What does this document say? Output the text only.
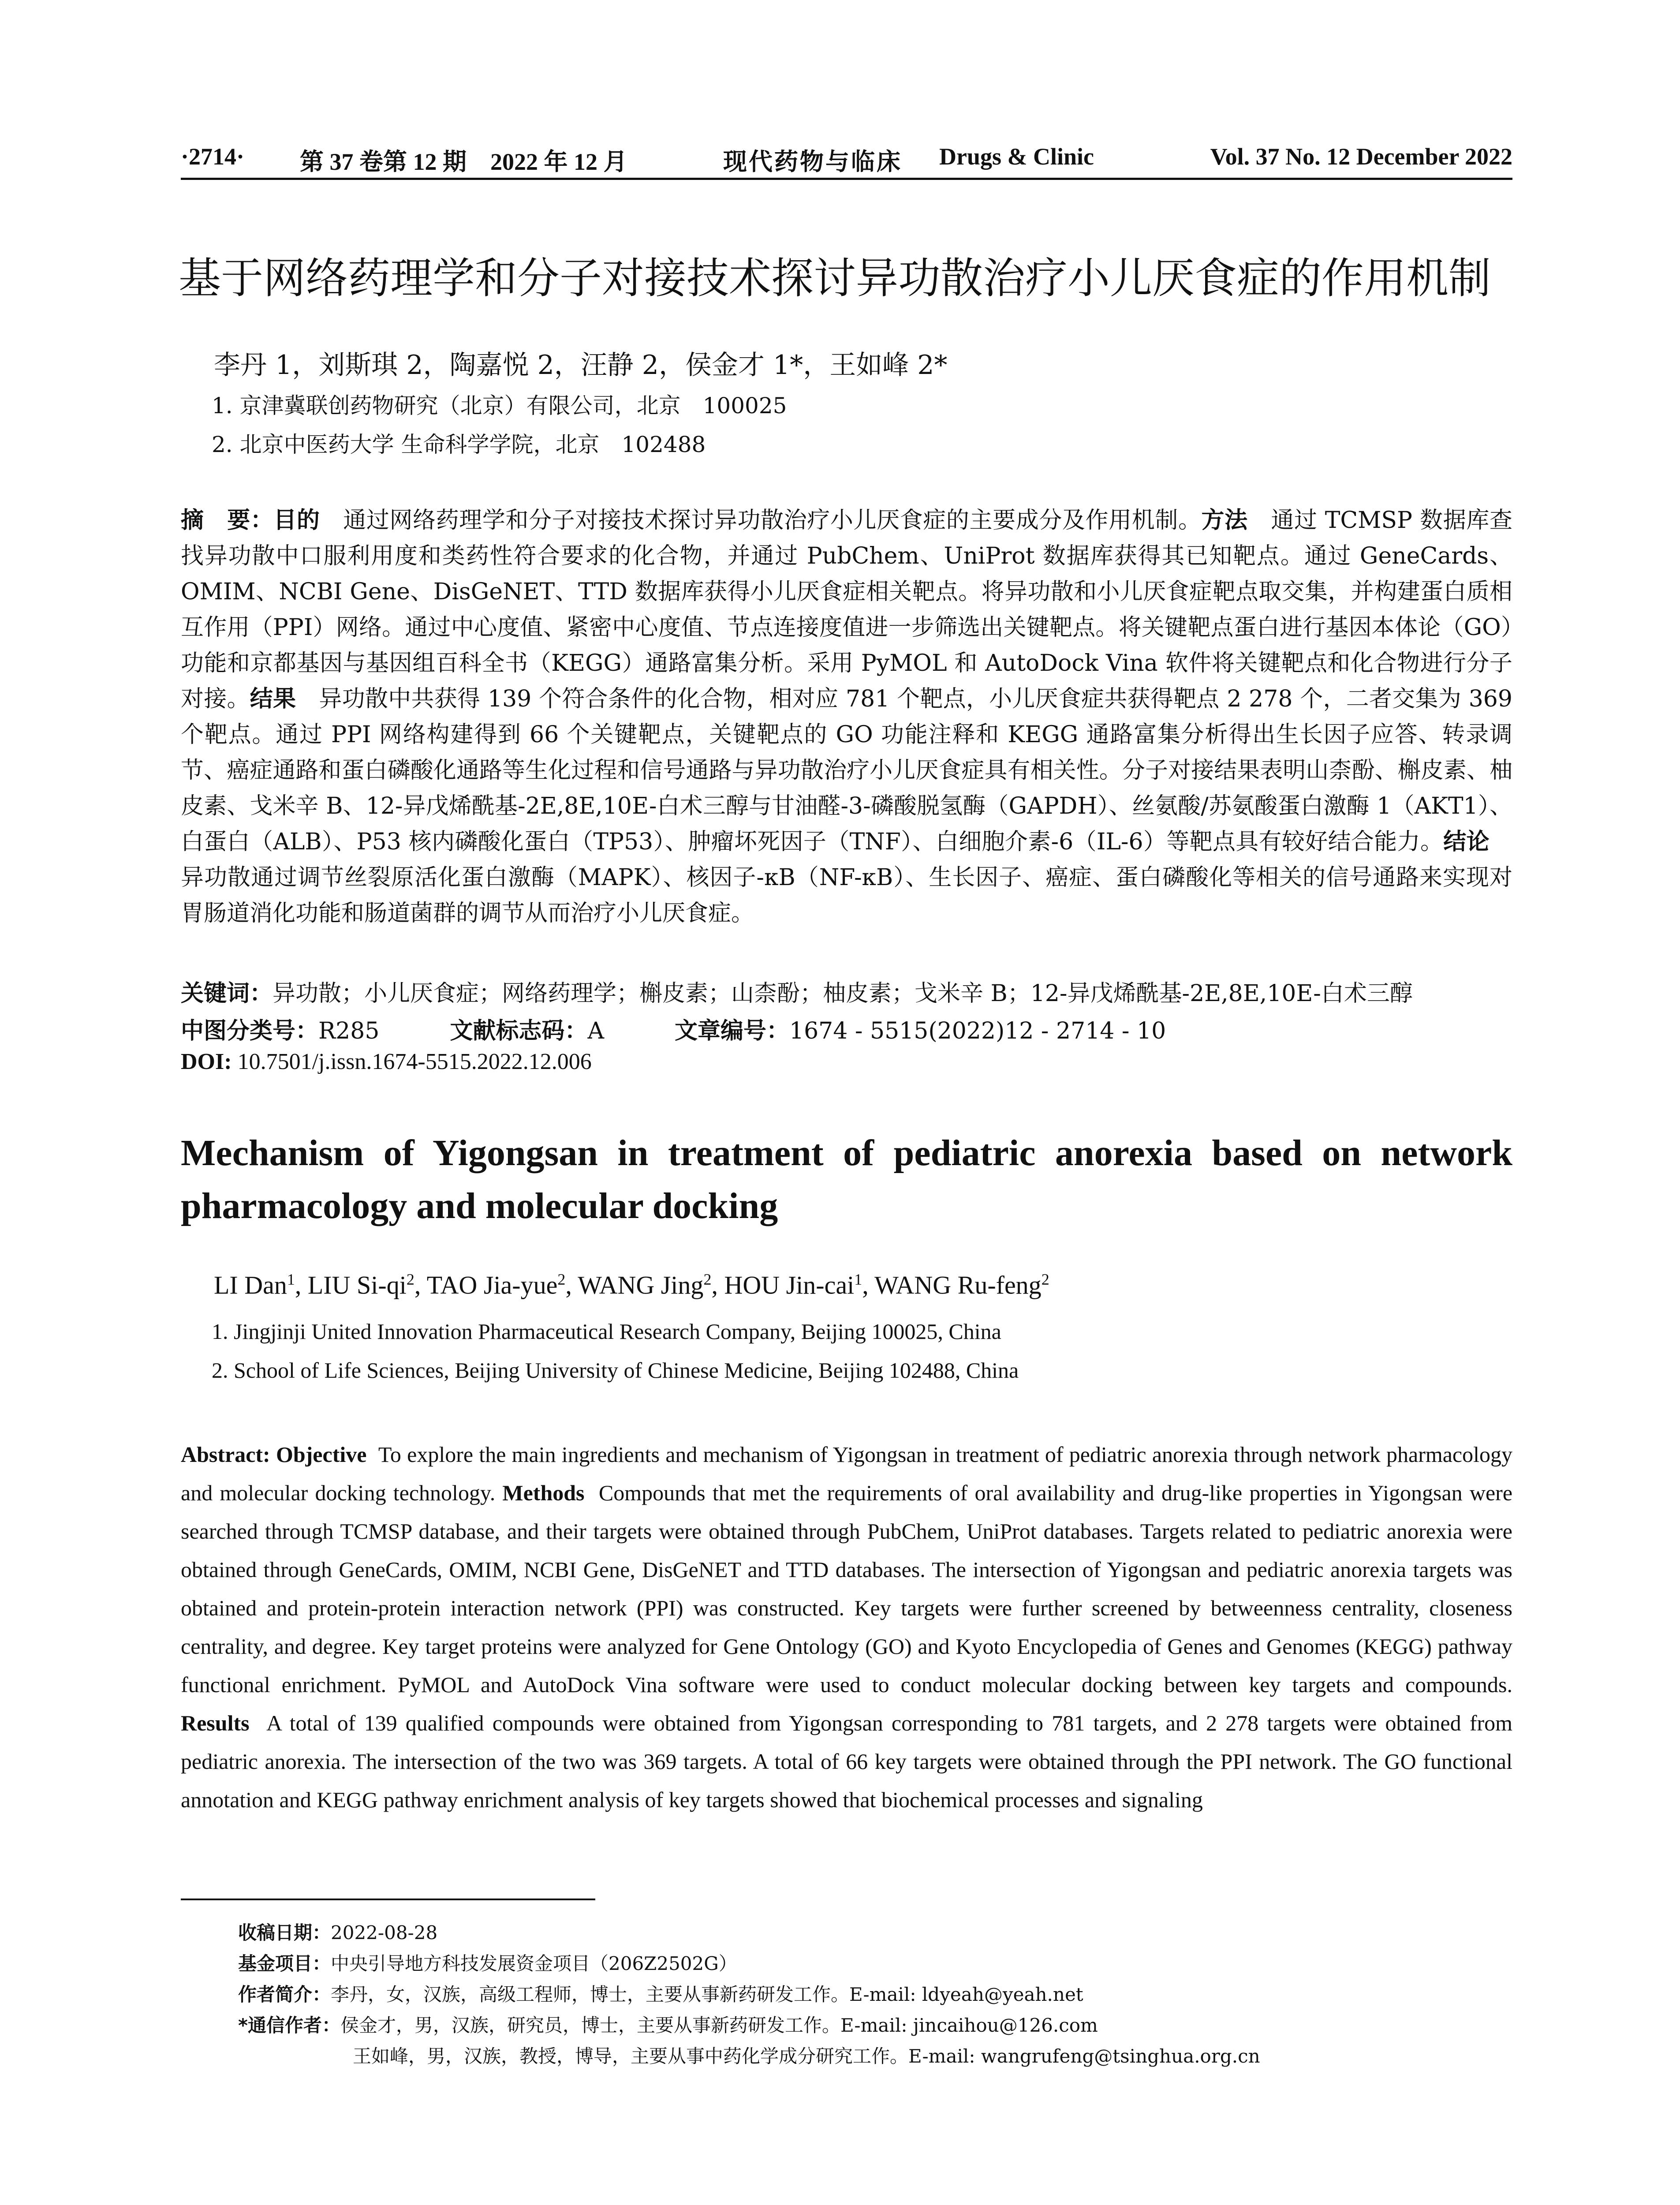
·2714· 第 37 卷第 12 期　2022 年 12 月	现代药物与临床 Drugs & Clinic	Vol. 37 No. 12 December 2022
基于网络药理学和分子对接技术探讨异功散治疗小儿厌食症的作用机制
李丹 1，刘斯琪 2，陶嘉悦 2，汪静 2，侯金才 1*，王如峰 2*
1. 京津冀联创药物研究（北京）有限公司，北京　100025
2. 北京中医药大学 生命科学学院，北京　102488

摘　要：目的　通过网络药理学和分子对接技术探讨异功散治疗小儿厌食症的主要成分及作用机制。方法　通过 TCMSP 数据库查找异功散中口服利用度和类药性符合要求的化合物，并通过 PubChem、UniProt 数据库获得其已知靶点。通过 GeneCards、OMIM、NCBI Gene、DisGeNET、TTD 数据库获得小儿厌食症相关靶点。将异功散和小儿厌食症靶点取交集，并构建蛋白质相互作用（PPI）网络。通过中心度值、紧密中心度值、节点连接度值进一步筛选出关键靶点。将关键靶点蛋白进行基因本体论（GO）功能和京都基因与基因组百科全书（KEGG）通路富集分析。采用 PyMOL 和 AutoDock Vina 软件将关键靶点和化合物进行分子对接。结果　异功散中共获得 139 个符合条件的化合物，相对应 781 个靶点，小儿厌食症共获得靶点 2 278 个，二者交集为 369 个靶点。通过 PPI 网络构建得到 66 个关键靶点，关键靶点的 GO 功能注释和 KEGG 通路富集分析得出生长因子应答、转录调节、癌症通路和蛋白磷酸化通路等生化过程和信号通路与异功散治疗小儿厌食症具有相关性。分子对接结果表明山柰酚、槲皮素、柚皮素、戈米辛 B、12-异戊烯酰基-2E,8E,10E-白术三醇与甘油醛-3-磷酸脱氢酶（GAPDH）、丝氨酸/苏氨酸蛋白激酶 1（AKT1）、白蛋白（ALB）、P53 核内磷酸化蛋白（TP53）、肿瘤坏死因子（TNF）、白细胞介素-6（IL-6）等靶点具有较好结合能力。结论　异功散通过调节丝裂原活化蛋白激酶（MAPK）、核因子-κB（NF-κB）、生长因子、癌症、蛋白磷酸化等相关的信号通路来实现对胃肠道消化功能和肠道菌群的调节从而治疗小儿厌食症。

关键词：异功散；小儿厌食症；网络药理学；槲皮素；山柰酚；柚皮素；戈米辛 B；12-异戊烯酰基-2E,8E,10E-白术三醇
中图分类号：R285	文献标志码：A	文章编号：1674 - 5515(2022)12 - 2714 - 10
DOI: 10.7501/j.issn.1674-5515.2022.12.006
Mechanism of Yigongsan in treatment of pediatric anorexia based on network pharmacology and molecular docking
LI Dan$^1$, LIU $Si-qi^2$, TAO Jia-yue$^2$, WANG Jing$^2$, HOU Jin-cai$^1$, WANG Ru-feng$^2$
1. Jingjinji United Innovation Pharmaceutical Research Company, Beijing 100025, China
2. School of Life Sciences, Beijing University of Chinese Medicine, Beijing 102488, China

Abstract: Objective To explore the main ingredients and mechanism of Yigongsan in treatment of pediatric anorexia through network pharmacology and molecular docking technology. Methods Compounds that met the requirements of oral availability and drug-like properties in Yigongsan were searched through TCMSP database, and their targets were obtained through PubChem, UniProt databases. Targets related to pediatric anorexia were obtained through GeneCards, OMIM, NCBI Gene, DisGeNET and TTD databases. The intersection of Yigongsan and pediatric anorexia targets was obtained and protein-protein interaction network (PPI) was constructed. Key targets were further screened by betweenness centrality, closeness centrality, and degree. Key target proteins were analyzed for Gene Ontology (GO) and Kyoto Encyclopedia of Genes and Genomes (KEGG) pathway functional enrichment. PyMOL and AutoDock Vina software were used to conduct molecular docking between key targets and compounds. Results A total of 139 qualified compounds were obtained from Yigongsan corresponding to 781 targets, and 2 278 targets were obtained from pediatric anorexia. The intersection of the two was 369 targets. A total of 66 key targets were obtained through the PPI network. The GO functional annotation and KEGG pathway enrichment analysis of key targets showed that biochemical processes and signaling

收稿日期：2022-08-28
基金项目：中央引导地方科技发展资金项目（206Z2502G）
作者简介：李丹，女，汉族，高级工程师，博士，主要从事新药研发工作。E-mail: ldyeah@yeah.net
*通信作者：侯金才，男，汉族，研究员，博士，主要从事新药研发工作。E-mail: jincaihou@126.com
王如峰，男，汉族，教授，博导，主要从事中药化学成分研究工作。E-mail: wangrufeng@tsinghua.org.cn
